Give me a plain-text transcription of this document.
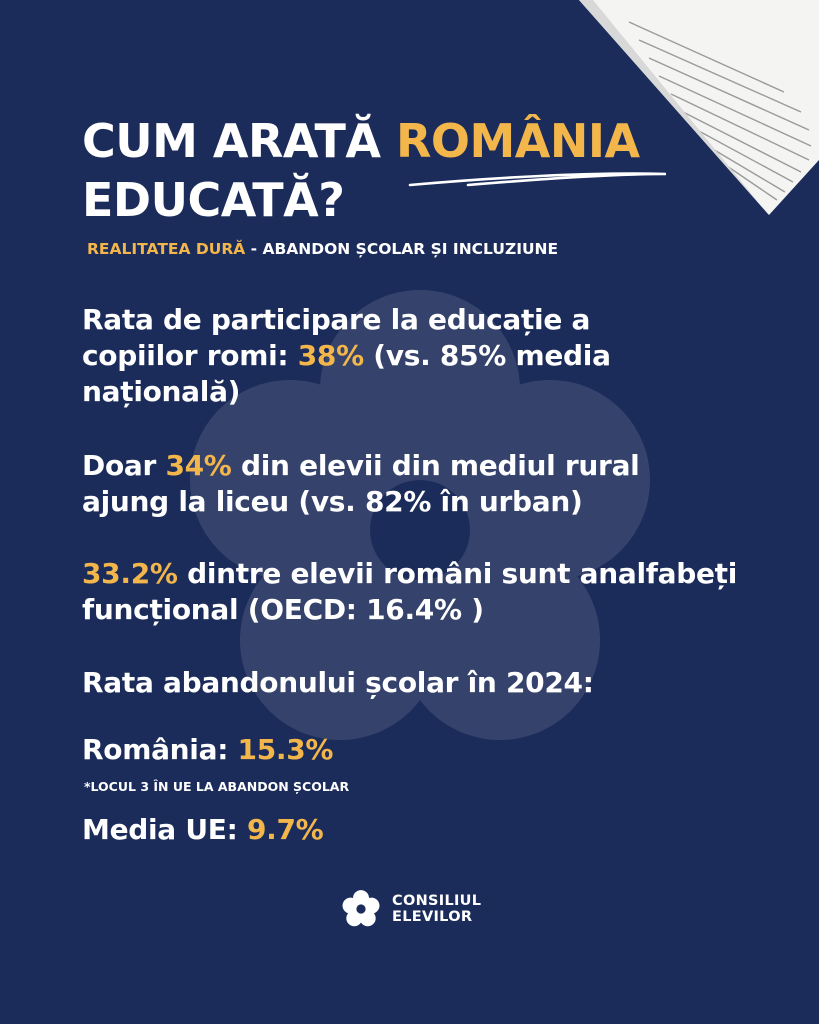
CUM ARATĂ ROMÂNIA
EDUCATĂ?
REALITATEA DURĂ - ABANDON ȘCOLAR ȘI INCLUZIUNE
Rata de participare la educație a copiilor romi: 38% (vs. 85% media națională)
Doar 34% din elevii din mediul rural ajung la liceu (vs. 82% în urban)
33.2% dintre elevii români sunt analfabeți funcțional (OECD: 16.4% )
Rata abandonului școlar în 2024:
România: 15.3%
*LOCUL 3 ÎN UE LA ABANDON ȘCOLAR
Media UE: 9.7%
CONSILIUL
ELEVILOR
